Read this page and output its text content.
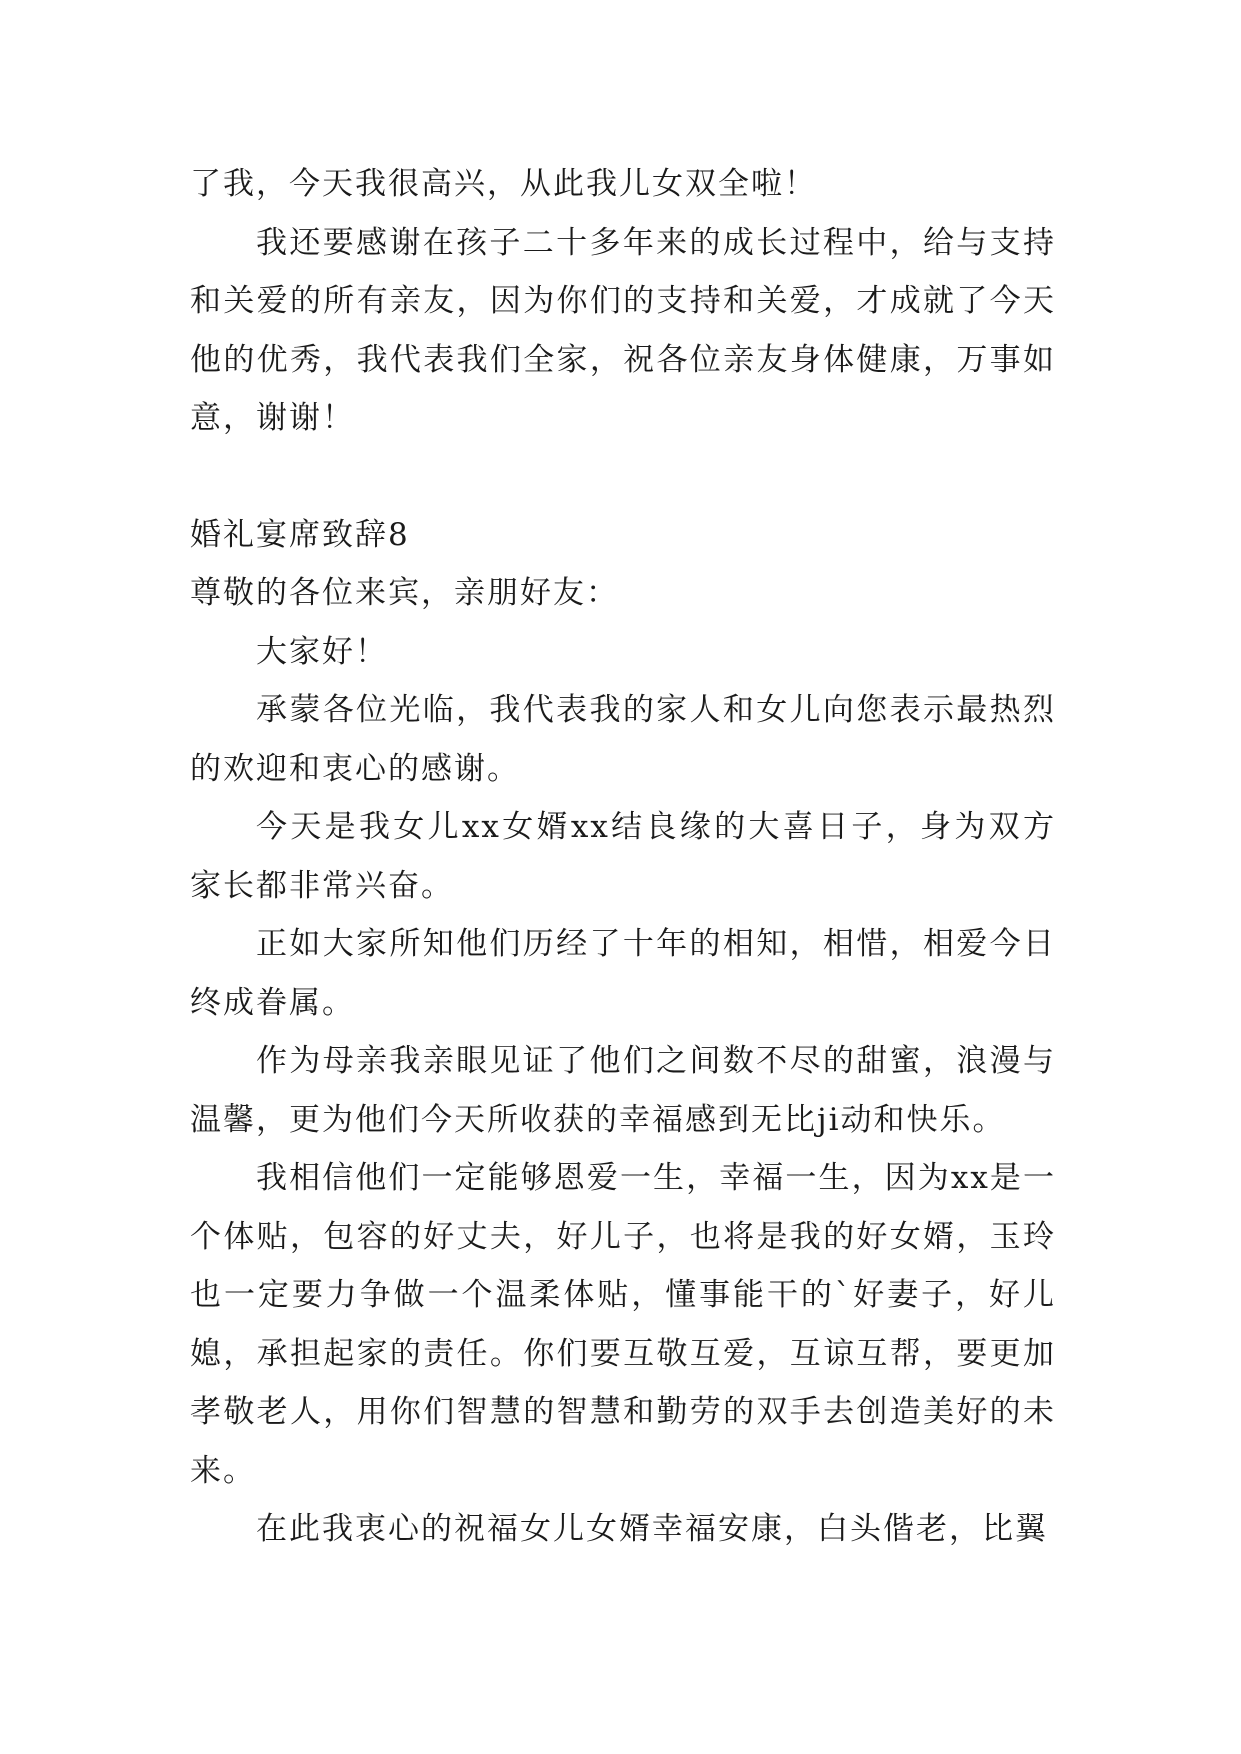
了我，今天我很高兴，从此我儿女双全啦！

我还要感谢在孩子二十多年来的成长过程中，给与支持和关爱的所有亲友，因为你们的支持和关爱，才成就了今天他的优秀，我代表我们全家，祝各位亲友身体健康，万事如意，谢谢！

婚礼宴席致辞8

尊敬的各位来宾，亲朋好友：

大家好！

承蒙各位光临，我代表我的家人和女儿向您表示最热烈的欢迎和衷心的感谢。

今天是我女儿xx女婿xx结良缘的大喜日子，身为双方家长都非常兴奋。

正如大家所知他们历经了十年的相知，相惜，相爱今日终成眷属。

作为母亲我亲眼见证了他们之间数不尽的甜蜜，浪漫与温馨，更为他们今天所收获的幸福感到无比ji动和快乐。

我相信他们一定能够恩爱一生，幸福一生，因为xx是一个体贴，包容的好丈夫，好儿子，也将是我的好女婿，玉玲也一定要力争做一个温柔体贴，懂事能干的`好妻子，好儿媳，承担起家的责任。你们要互敬互爱，互谅互帮，要更加孝敬老人，用你们智慧的智慧和勤劳的双手去创造美好的未来。

在此我衷心的祝福女儿女婿幸福安康，白头偕老，比翼
